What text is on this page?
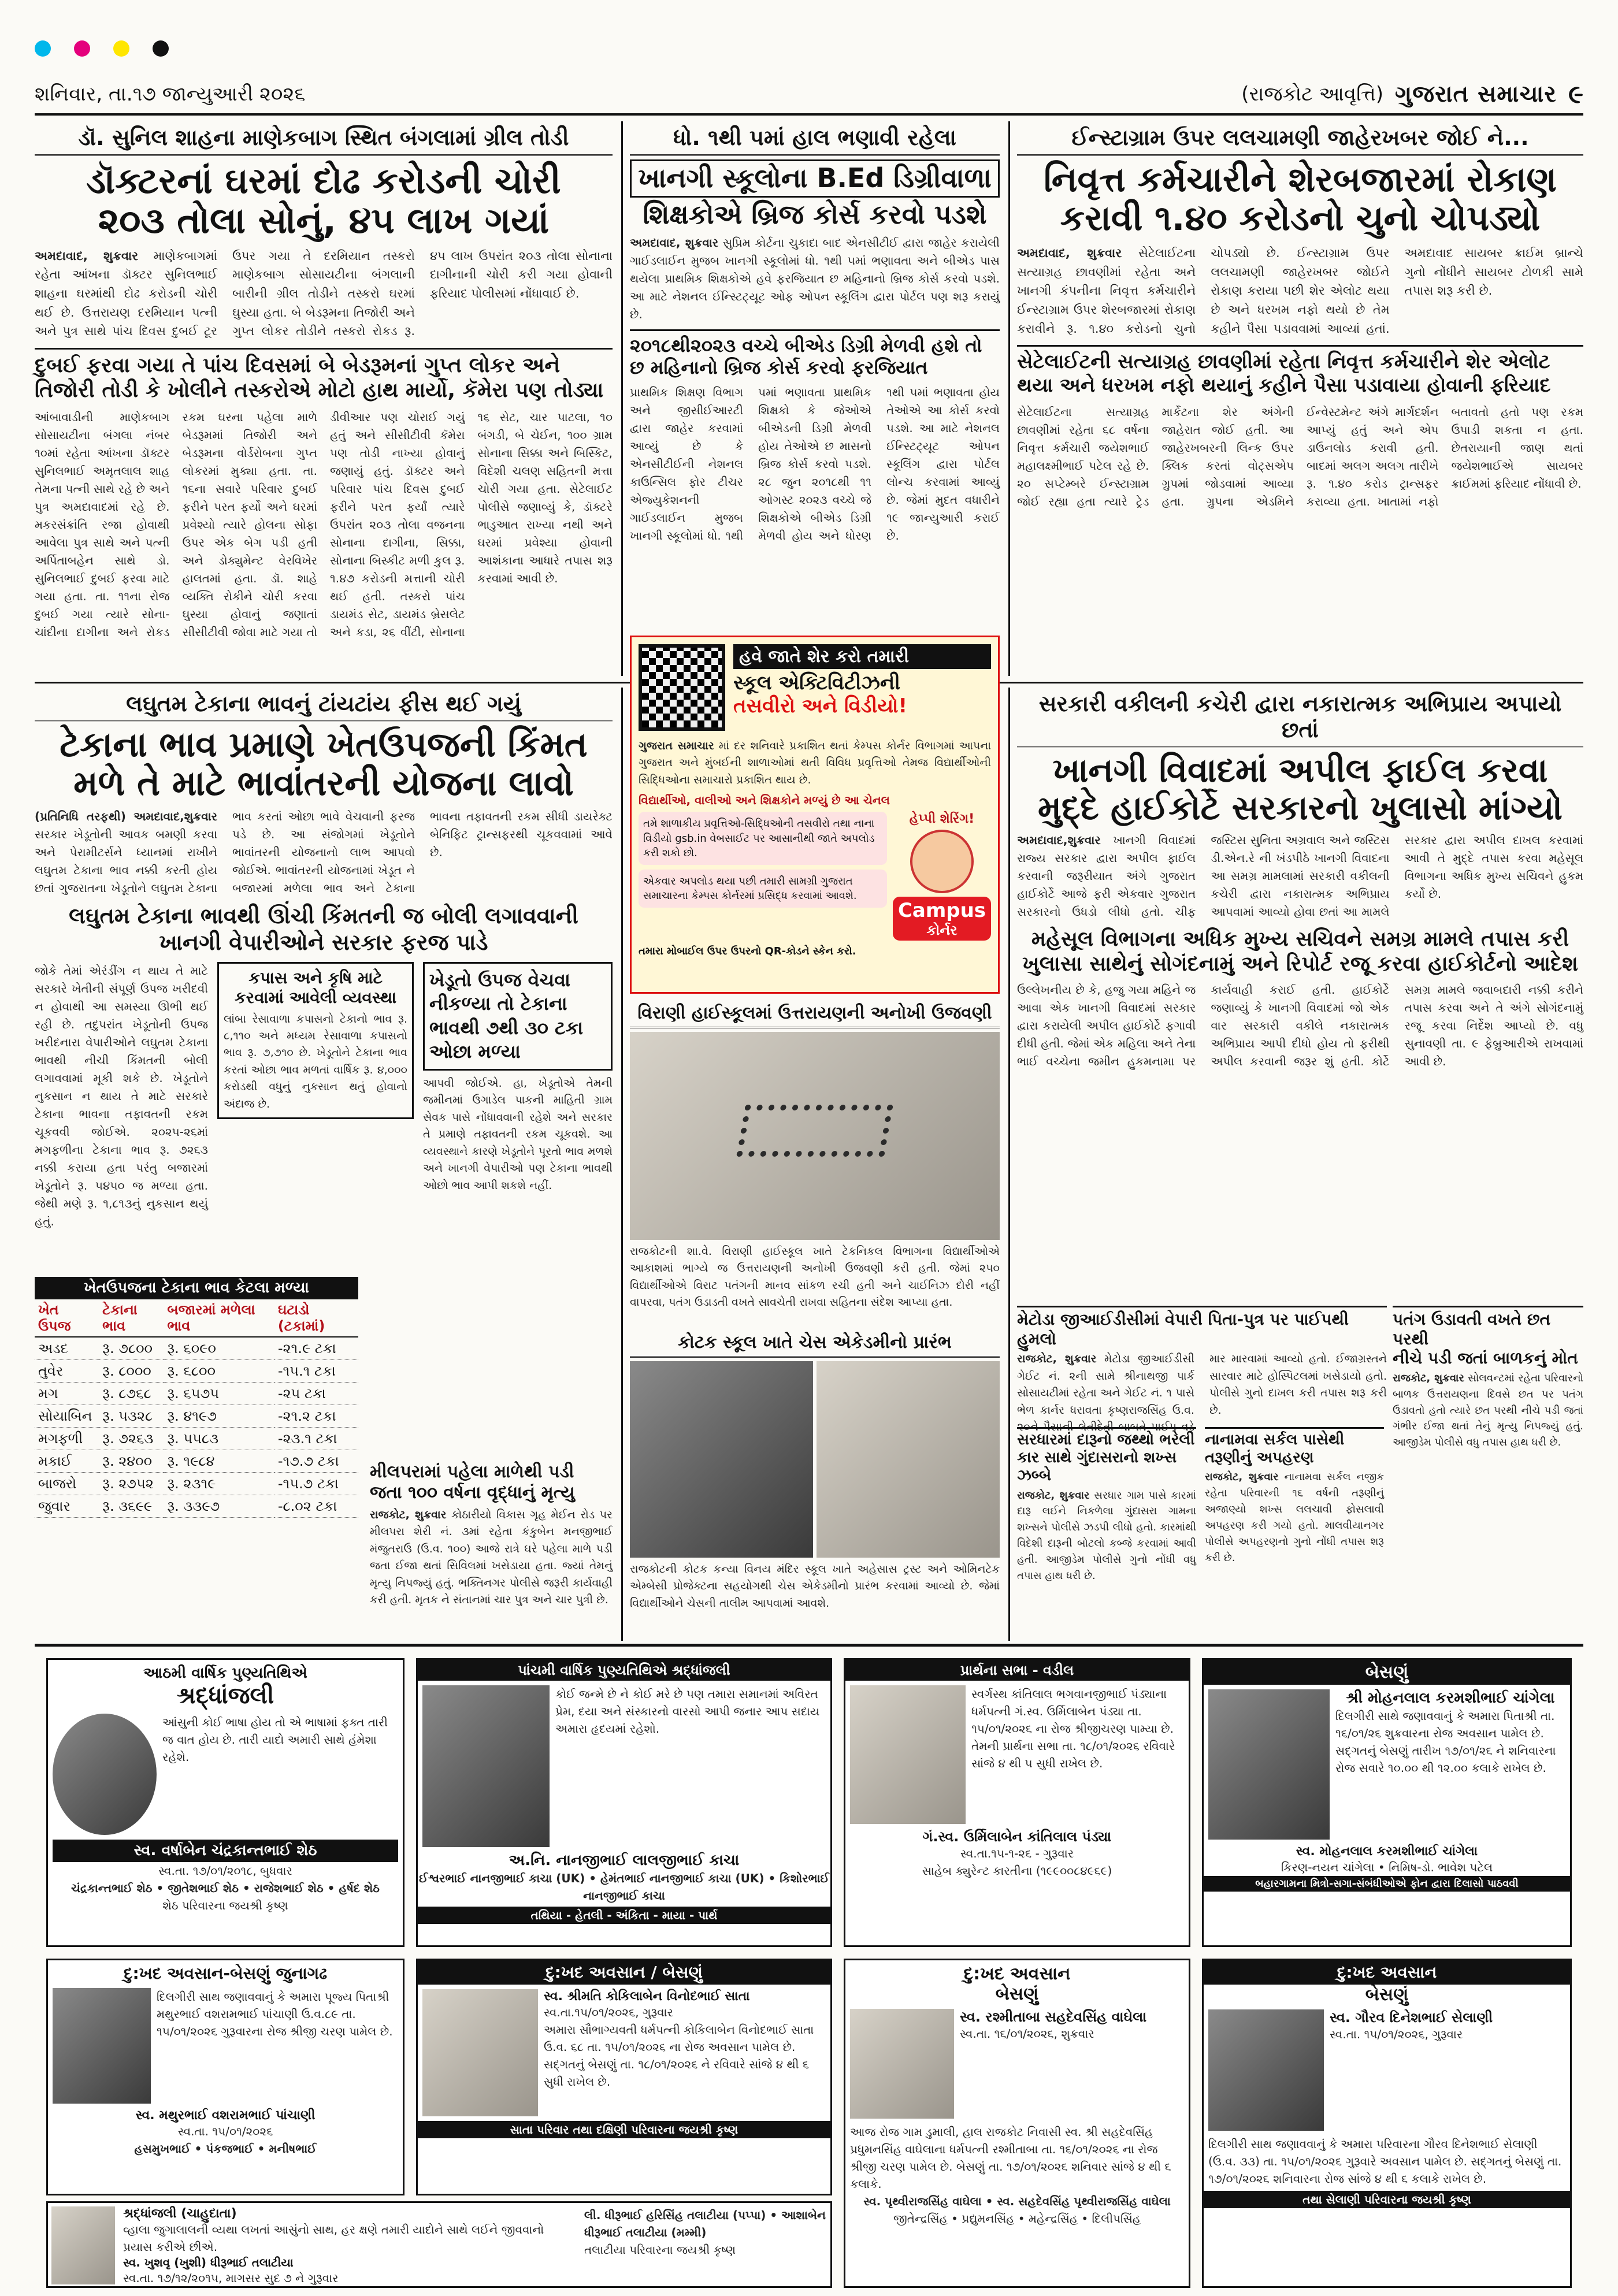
શનિવાર, તા.૧૭ જાન્યુઆરી ૨૦૨૬	(રાજકોટ આવૃત્તિ) ગુજરાત સમાચાર ૯
ડૉ. સુનિલ શાહના માણેકબાગ સ્થિત બંગલામાં ગ્રીલ તોડી
ડૉક્ટરનાં ઘરમાં દોઢ કરોડની ચોરી
૨૦૩ તોલા સોનું, ૪૫ લાખ ગયાં
અમદાવાદ, શુક્રવાર માણેકબાગમાં રહેતા આંખના ડૉક્ટર સુનિલભાઈ શાહના ઘરમાંથી દોઢ કરોડની ચોરી થઈ છે. ઉત્તરાયણ દરમિયાન પત્ની અને પુત્ર સાથે પાંચ દિવસ દુબઈ ટૂર ઉપર ગયા તે દરમિયાન તસ્કરો માણેકબાગ સોસાયટીના બંગલાની બારીની ગ્રીલ તોડીને તસ્કરો ઘરમાં ઘુસ્યા હતા. બે બેડરૂમના તિજોરી અને ગુપ્ત લોકર તોડીને તસ્કરો રોકડ રૂ. ૪૫ લાખ ઉપરાંત ૨૦૩ તોલા સોનાના દાગીનાની ચોરી કરી ગયા હોવાની ફરિયાદ પોલીસમાં નોંધાવાઈ છે.
દુબઈ ફરવા ગયા તે પાંચ દિવસમાં બે બેડરૂમનાં ગુપ્ત લોકર અને તિજોરી તોડી કે ખોલીને તસ્કરોએ મોટો હાથ માર્યો, કૅમેરા પણ તોડ્યા
આંબાવાડીની માણેકબાગ સોસાયટીના બંગલા નંબર ૧૦માં રહેતા આંખના ડૉક્ટર સુનિલભાઈ અમૃતલાલ શાહ તેમના પત્ની સાથે રહે છે અને પુત્ર અમદાવાદમાં રહે છે. મકરસંક્રાંતિ રજા હોવાથી આવેલા પુત્ર સાથે અને પત્ની અર્પિતાબહેન સાથે ડો. સુનિલભાઈ દુબઈ ફરવા માટે ગયા હતા. તા. ૧૧ના રોજ દુબઈ ગયા ત્યારે સોના-ચાંદીના દાગીના અને રોકડ રકમ ઘરના પહેલા માળે બેડરૂમમાં તિજોરી અને બેડરૂમના વોર્ડરોબના ગુપ્ત લોકરમાં મુક્યા હતા. તા. ૧૬ના સવારે પરિવાર દુબઈ ફરીને પરત ફર્યો અને ઘરમાં પ્રવેશ્યો ત્યારે હોલના સોફા ઉપર એક બેગ પડી હતી અને ડોક્યુમેન્ટ વેરવિખેર હાલતમાં હતા. ડૉ. શાહે વ્યક્તિ રોકીને ચોરી કરવા ઘુસ્યા હોવાનું જણાતાં સીસીટીવી જોવા માટે ગયા તો ડીવીઆર પણ ચોરાઈ ગયું હતું અને સીસીટીવી કૅમેરા પણ તોડી નાખ્યા હોવાનું જણાયું હતું. ડૉક્ટર અને પરિવાર પાંચ દિવસ દુબઈ ફરીને પરત ફર્યાં ત્યારે ઉપરાંત ૨૦૩ તોલા વજનના સોનાના દાગીના, સિક્કા, સોનાના બિસ્કીટ મળી કુલ રૂ. ૧.૪૭ કરોડની મત્તાની ચોરી થઈ હતી. તસ્કરો પાંચ ડાયમંડ સેટ, ડાયમંડ બ્રેસલેટ અને કડા, ૨૬ વીંટી, સોનાના ૧૬ સેટ, ચાર પાટલા, ૧૦ બંગડી, બે ચેઈન, ૧૦૦ ગ્રામ સોનાના સિક્કા અને બિસ્કિટ, વિદેશી ચલણ સહિતની મત્તા ચોરી ગયા હતા. સેટેલાઈટ પોલીસે જણાવ્યું કે, ડૉક્ટરે ભાડુઆત રાખ્યા નથી અને ઘરમાં પ્રવેશ્યા હોવાની આશંકાના આધારે તપાસ શરૂ કરવામાં આવી છે.
ધો. ૧થી ૫માં હાલ ભણાવી રહેલા
ખાનગી સ્કૂલોના B.Ed ડિગ્રીવાળા
શિક્ષકોએ બ્રિજ કોર્સ કરવો પડશે
અમદાવાદ, શુક્રવાર સુપ્રિમ કોર્ટના ચુકાદા બાદ એનસીટીઈ દ્વારા જાહેર કરાયેલી ગાઈડલાઈન મુજબ ખાનગી સ્કૂલોમાં ધો. ૧થી ૫માં ભણાવતા અને બીએડ પાસ થયેલા પ્રાથમિક શિક્ષકોએ હવે ફરજિયાત છ મહિનાનો બ્રિજ કોર્સ કરવો પડશે. આ માટે નેશનલ ઈન્સ્ટિટ્યૂટ ઓફ ઓપન સ્કૂલિંગ દ્વારા પોર્ટલ પણ શરૂ કરાયું છે.
૨૦૧૮થી૨૦૨૩ વચ્ચે બીએડ ડિગ્રી મેળવી હશે તો છ મહિનાનો બ્રિજ કોર્સ કરવો ફરજિયાત
પ્રાથમિક શિક્ષણ વિભાગ અને જીસીઈઆરટી દ્વારા જાહેર કરવામાં આવ્યું છે કે એનસીટીઈની નેશનલ કાઉન્સિલ ફોર ટીચર એજ્યુકેશનની ગાઈડલાઈન મુજબ ખાનગી સ્કૂલોમાં ધો. ૧થી ૫માં ભણાવતા પ્રાથમિક શિક્ષકો કે જેઓએ બીએડની ડિગ્રી મેળવી હોય તેઓએ છ માસનો બ્રિજ કોર્સ કરવો પડશે. ૨૮ જુન ૨૦૧૮થી ૧૧ ઓગસ્ટ ૨૦૨૩ વચ્ચે જે શિક્ષકોએ બીએડ ડિગ્રી મેળવી હોય અને ધોરણ ૧થી ૫માં ભણાવતા હોય તેઓએ આ કોર્સ કરવો પડશે. આ માટે નેશનલ ઈન્સ્ટિટ્યૂટ ઓપન સ્કૂલિંગ દ્વારા પોર્ટલ લોન્ચ કરવામાં આવ્યું છે. જેમાં મુદત વધારીને ૧૯ જાન્યુઆરી કરાઈ છે.
ઈન્સ્ટાગ્રામ ઉપર લલચામણી જાહેરખબર જોઈ ને...
નિવૃત્ત કર્મચારીને શેરબજારમાં રોકાણ
કરાવી ૧.૪૦ કરોડનો ચુનો ચોપડ્યો
અમદાવાદ, શુક્રવાર સેટેલાઈટના સત્યાગ્રહ છાવણીમાં રહેતા અને ખાનગી કંપનીના નિવૃત્ત કર્મચારીને ઈન્સ્ટાગ્રામ ઉપર શેરબજારમાં રોકાણ કરાવીને રૂ. ૧.૪૦ કરોડનો ચુનો ચોપડ્યો છે. ઈન્સ્ટાગ્રામ ઉપર લલચામણી જાહેરખબર જોઈને રોકાણ કરાયા પછી શેર એલોટ થયા છે અને ધરખમ નફો થયો છે તેમ કહીને પૈસા પડાવવામાં આવ્યાં હતાં. અમદાવાદ સાયબર ક્રાઈમ બ્રાન્ચે ગુનો નોંધીને સાયબર ટોળકી સામે તપાસ શરૂ કરી છે.
સેટેલાઈટની સત્યાગ્રહ છાવણીમાં રહેતા નિવૃત્ત કર્મચારીને શેર એલોટ થયા અને ધરખમ નફો થયાનું કહીને પૈસા પડાવાયા હોવાની ફરિયાદ
સેટેલાઈટના સત્યાગ્રહ છાવણીમાં રહેતા ૬૮ વર્ષના નિવૃત્ત કર્મચારી જયેશભાઈ મહાલક્ષ્મીભાઈ પટેલ રહે છે. ૨૦ સપ્ટેમ્બરે ઈન્સ્ટાગ્રામ જોઈ રહ્યા હતા ત્યારે ટ્રેડ માર્કેટના શેર અંગેની જાહેરાત જોઈ હતી. આ જાહેરખબરની લિન્ક ઉપર ક્લિક કરતાં વોટ્સએપ ગ્રુપમાં જોડવામાં આવ્યા હતા. ગ્રુપના એડમિને ઈન્વેસ્ટમેન્ટ અંગે માર્ગદર્શન આપ્યું હતું અને એપ ડાઉનલોડ કરાવી હતી. બાદમાં અલગ અલગ તારીખે રૂ. ૧.૪૦ કરોડ ટ્રાન્સફર કરાવ્યા હતા. ખાતામાં નફો બતાવતો હતો પણ રકમ ઉપાડી શકતા ન હતા. છેતરાયાની જાણ થતાં જયેશભાઈએ સાયબર ક્રાઈમમાં ફરિયાદ નોંધાવી છે.
હવે જાતે શેર કરો તમારી
સ્કૂલ એક્ટિવિટીઝની
તસવીરો અને વિડીયો!
ગુજરાત સમાચાર માં દર શનિવારે પ્રકાશિત થતાં કેમ્પસ કોર્નર વિભાગમાં આપના ગુજરાત અને મુંબઈની શાળાઓમાં થતી વિવિધ પ્રવૃત્તિઓ તેમજ વિદ્યાર્થીઓની સિદ્ધિઓના સમાચારો પ્રકાશિત થાય છે.
વિદ્યાર્થીઓ, વાલીઓ અને શિક્ષકોને મળ્યું છે આ ચેનલ
તમે શાળાકીય પ્રવૃત્તિઓ-સિદ્ધિઓની તસવીરો તથા નાના વિડીયો gsb.in વેબસાઈટ પર આસાનીથી જાતે અપલોડ કરી શકો છો.
એકવાર અપલોડ થયા પછી તમારી સામગ્રી ગુજરાત સમાચારના કેમ્પસ કોર્નરમાં પ્રસિદ્ધ કરવામાં આવશે.
હેપ્પી શેરિંગ!
Campus
કોર્નર
તમારા મોબાઈલ ઉપર ઉપરનો QR-કોડને સ્કેન કરો.
લઘુતમ ટેકાના ભાવનું ટાંયટાંય ફીસ થઈ ગયું
ટેકાના ભાવ પ્રમાણે ખેતઉપજની કિંમત
મળે તે માટે ભાવાંતરની યોજના લાવો
(પ્રતિનિધિ તરફથી) અમદાવાદ,શુક્રવાર સરકાર ખેડૂતોની આવક બમણી કરવા અને પેરામીટર્સને ધ્યાનમાં રાખીને લઘુતમ ટેકાના ભાવ નક્કી કરતી હોય છતાં ગુજરાતના ખેડૂતોને લઘુતમ ટેકાના ભાવ કરતાં ઓછા ભાવે વેચવાની ફરજ પડે છે. આ સંજોગમાં ખેડૂતોને ભાવાંતરની યોજનાનો લાભ આપવો જોઈએ. ભાવાંતરની યોજનામાં ખેડૂત ને બજારમાં મળેલા ભાવ અને ટેકાના ભાવના તફાવતની રકમ સીધી ડાયરેક્ટ બેનિફિટ ટ્રાન્સફરથી ચૂકવવામાં આવે છે.
લઘુતમ ટેકાના ભાવથી ઊંચી કિંમતની જ બોલી લગાવવાની ખાનગી વેપારીઓને સરકાર ફરજ પાડે
જોકે તેમાં એરંડીંગ ન થાય તે માટે સરકારે ખેતીની સંપૂર્ણ ઉપજ ખરીદવી ન હોવાથી આ સમસ્યા ઊભી થઈ રહી છે. તદુપરાંત ખેડૂતોની ઉપજ ખરીદનારા વેપારીઓને લઘુતમ ટેકાના ભાવથી નીચી કિંમતની બોલી લગાવવામાં મૂકી શકે છે. ખેડૂતોને નુકસાન ન થાય તે માટે સરકારે ટેકાના ભાવના તફાવતની રકમ ચૂકવવી જોઈએ. ૨૦૨૫-૨૬માં મગફળીના ટેકાના ભાવ રૂ. ૭૨૬૩ નક્કી કરાયા હતા પરંતુ બજારમાં ખેડૂતોને રૂ. ૫૪૫૦ જ મળ્યા હતા. જેથી મણે રૂ. ૧,૮૧૩નું નુકસાન થયું હતું.
કપાસ અને કૃષિ માટે કરવામાં આવેલી વ્યવસ્થા
લાંબા રેસાવાળા કપાસનો ટેકાનો ભાવ રૂ. ૮,૧૧૦ અને મધ્યમ રેસાવાળા કપાસનો ભાવ રૂ. ૭,૭૧૦ છે. ખેડૂતોને ટેકાના ભાવ કરતાં ઓછા ભાવ મળતાં વાર્ષિક રૂ. ૪,૦૦૦ કરોડથી વધુનું નુકસાન થતું હોવાનો અંદાજ છે.
ખેડૂતો ઉપજ વેચવા નીકળ્યા તો ટેકાના ભાવથી ૭થી ૩૦ ટકા ઓછા મળ્યા
આપવી જોઈએ. હા, ખેડૂતોએ તેમની જમીનમાં ઉગાડેલ પાકની માહિતી ગ્રામ સેવક પાસે નોંધાવવાની રહેશે અને સરકાર તે પ્રમાણે તફાવતની રકમ ચૂકવશે. આ વ્યવસ્થાને કારણે ખેડૂતોને પૂરતો ભાવ મળશે અને ખાનગી વેપારીઓ પણ ટેકાના ભાવથી ઓછો ભાવ આપી શકશે નહીં.
ખેતઉપજના ટેકાના ભાવ કેટલા મળ્યા
ખેત ઉપજ	ટેકાના ભાવ	બજારમાં મળેલા ભાવ	ઘટાડો (ટકામાં)
અડદ	રૂ. ૭૮૦૦	રૂ. ૬૦૯૦	-૨૧.૯ ટકા
તુવેર	રૂ. ૮૦૦૦	રૂ. ૬૮૦૦	-૧૫.૧ ટકા
મગ	રૂ. ૮૭૬૮	રૂ. ૬૫૭૫	-૨૫ ટકા
સોયાબિન	રૂ. ૫૩૨૮	રૂ. ૪૧૯૭	-૨૧.૨ ટકા
મગફળી	રૂ. ૭૨૬૩	રૂ. ૫૫૮૩	-૨૩.૧ ટકા
મકાઈ	રૂ. ૨૪૦૦	રૂ. ૧૯૮૪	-૧૭.૭ ટકા
બાજરો	રૂ. ૨૭૫૨	રૂ. ૨૩૧૯	-૧૫.૭ ટકા
જુવાર	રૂ. ૩૬૯૯	રૂ. ૩૩૯૭	-૮.૦૨ ટકા
મીલપરામાં પહેલા માળેથી પડી
જતા ૧૦૦ વર્ષના વૃદ્ધાનું મૃત્યુ
રાજકોટ, શુક્રવાર કોઠારીયો વિકાસ ગૃહ મેઈન રોડ પર મીલપરા શેરી નં. ૩માં રહેતા કંકુબેન મનજીભાઈ મંજુતરાઉ (ઉ.વ. ૧૦૦) આજે રાત્રે ઘરે પહેલા માળે પડી જતા ઈજા થતાં સિવિલમાં ખસેડાયા હતા. જ્યાં તેમનું મૃત્યુ નિપજ્યું હતું. ભક્તિનગર પોલીસે જરૂરી કાર્યવાહી કરી હતી. મૃતક ને સંતાનમાં ચાર પુત્ર અને ચાર પુત્રી છે.
વિરાણી હાઈસ્કૂલમાં ઉત્તરાયણની અનોખી ઉજવણી
રાજકોટની શા.વે. વિરાણી હાઈસ્કૂલ ખાતે ટેકનિકલ વિભાગના વિદ્યાર્થીઓએ આકાશમાં ભાગ્યે જ ઉત્તરાયણની અનોખી ઉજવણી કરી હતી. જેમાં ૨૫૦ વિદ્યાર્થીઓએ વિરાટ પતંગની માનવ સાંકળ રચી હતી અને ચાઈનિઝ દોરી નહીં વાપરવા, પતંગ ઉડાડતી વખતે સાવચેતી રાખવા સહિતના સંદેશ આપ્યા હતા.
કોટક સ્કૂલ ખાતે ચેસ એકેડમીનો પ્રારંભ
રાજકોટની કોટક કન્યા વિનય મંદિર સ્કૂલ ખાતે અહેસાસ ટ્રસ્ટ અને ઓમિનટેક એમ્બેસી પ્રોજેક્ટના સહયોગથી ચેસ એકેડમીનો પ્રારંભ કરવામાં આવ્યો છે. જેમાં વિદ્યાર્થીઓને ચેસની તાલીમ આપવામાં આવશે.
સરકારી વકીલની કચેરી દ્વારા નકારાત્મક અભિપ્રાય અપાયો છતાં
ખાનગી વિવાદમાં અપીલ ફાઈલ કરવા
મુદ્દે હાઈકોર્ટે સરકારનો ખુલાસો માંગ્યો
અમદાવાદ,શુક્રવાર ખાનગી વિવાદમાં રાજ્ય સરકાર દ્વારા અપીલ ફાઈલ કરવાની જરૂરીયાત અંગે ગુજરાત હાઈકોર્ટે આજે ફરી એકવાર ગુજરાત સરકારનો ઉધડો લીધો હતો. ચીફ જસ્ટિસ સુનિતા અગ્રવાલ અને જસ્ટિસ ડી.એન.રે ની ખંડપીઠે ખાનગી વિવાદના આ સમગ્ર મામલામાં સરકારી વકીલની કચેરી દ્વારા નકારાત્મક અભિપ્રાય આપવામાં આવ્યો હોવા છતાં આ મામલે સરકાર દ્વારા અપીલ દાખલ કરવામાં આવી તે મુદ્દે તપાસ કરવા મહેસૂલ વિભાગના અધિક મુખ્ય સચિવને હુકમ કર્યો છે.
મહેસૂલ વિભાગના અધિક મુખ્ય સચિવને સમગ્ર મામલે તપાસ કરી ખુલાસા સાથેનું સોગંદનામું અને રિપોર્ટ રજૂ કરવા હાઈકોર્ટનો આદેશ
ઉલ્લેખનીય છે કે, હજુ ગયા મહિને જ આવા એક ખાનગી વિવાદમાં સરકાર દ્વારા કરાયેલી અપીલ હાઈકોર્ટે ફગાવી દીધી હતી. જેમાં એક મહિલા અને તેના ભાઈ વચ્ચેના જમીન હુકમનામા પર કાર્યવાહી કરાઈ હતી. હાઈકોર્ટે જણાવ્યું કે ખાનગી વિવાદમાં જો એક વાર સરકારી વકીલે નકારાત્મક અભિપ્રાય આપી દીધો હોય તો ફરીથી અપીલ કરવાની જરૂર શું હતી. કોર્ટે સમગ્ર મામલે જવાબદારી નક્કી કરીને તપાસ કરવા અને તે અંગે સોગંદનામું રજૂ કરવા નિર્દેશ આપ્યો છે. વધુ સુનાવણી તા. ૯ ફેબ્રુઆરીએ રાખવામાં આવી છે.
મેટોડા જીઆઈડીસીમાં વેપારી પિતા-પુત્ર પર પાઈપથી હુમલો
રાજકોટ, શુક્રવાર મેટોડા જીઆઈડીસી ગેઈટ નં. ૨ની સામે શ્રીનાથજી પાર્ક સોસાયટીમાં રહેતા અને ગેઈટ નં. ૧ પાસે ભેળ કાર્નર ધરાવતા કૃષ્ણરાજસિંહ ઉ.વ. ૨૦ને પૈસાની લેતીદેતી બાબતે પાઈપ વડે માર મારવામાં આવ્યો હતો. ઈજાગ્રસ્તને સારવાર માટે હોસ્પિટલમાં ખસેડાયો હતો. પોલીસે ગુનો દાખલ કરી તપાસ શરૂ કરી છે.
સરધારમાં દારૂનો જથ્થો ભરેલી
કાર સાથે ગુંદાસરાનો શખ્સ ઝબ્બે
રાજકોટ, શુક્રવાર સરધાર ગામ પાસે કારમાં દારૂ લઈને નિકળેલા ગુંદાસરા ગામના શખ્સને પોલીસે ઝડપી લીધો હતો. કારમાંથી વિદેશી દારૂની બોટલો કબ્જે કરવામાં આવી હતી. આજીડેમ પોલીસે ગુનો નોંધી વધુ તપાસ હાથ ધરી છે.
નાનામવા સર્કલ પાસેથી
તરૂણીનું અપહરણ
રાજકોટ, શુક્રવાર નાનામવા સર્કલ નજીક રહેતા પરિવારની ૧૬ વર્ષની તરૂણીનું અજાણ્યો શખ્સ લલચાવી ફોસલાવી અપહરણ કરી ગયો હતો. માલવીયાનગર પોલીસે અપહરણનો ગુનો નોંધી તપાસ શરૂ કરી છે.
પતંગ ઉડાવતી વખતે છત પરથી
નીચે પડી જતાં બાળકનું મોત
રાજકોટ, શુક્રવાર સોલવન્ટમાં રહેતા પરિવારનો બાળક ઉત્તરાયણના દિવસે છત પર પતંગ ઉડાવતો હતો ત્યારે છત પરથી નીચે પડી જતાં ગંભીર ઈજા થતાં તેનું મૃત્યુ નિપજ્યું હતું. આજીડેમ પોલીસે વધુ તપાસ હાથ ધરી છે.
આઠમી વાર્ષિક પુણ્યતિથિએ
શ્રદ્ધાંજલી
આંસુની કોઈ ભાષા હોય તો એ ભાષામાં ફક્ત તારી જ વાત હોય છે. તારી યાદો અમારી સાથે હંમેશા રહેશે.
સ્વ. વર્ષાબેન ચંદ્રકાન્તભાઈ શેઠ
સ્વ.તા. ૧૭/૦૧/૨૦૧૮, બુધવાર
ચંદ્રકાન્તભાઈ શેઠ • જીતેશભાઈ શેઠ • રાજેશભાઈ શેઠ • હર્ષદ શેઠ
શેઠ પરિવારના જયશ્રી કૃષ્ણ
પાંચમી વાર્ષિક પુણ્યતિથિએ શ્રદ્ધાંજલી
કોઈ જન્મે છે ને કોઈ મરે છે પણ તમારા સમાનમાં અવિરત પ્રેમ, દયા અને સંસ્કારનો વારસો આપી જનાર આપ સદાય અમારા હૃદયમાં રહેશો.
અ.નિ. નાનજીભાઈ લાલજીભાઈ કાચા
ઈશ્વરભાઈ નાનજીભાઈ કાચા (UK) • હેમંતભાઈ નાનજીભાઈ કાચા (UK) • કિશોરભાઈ નાનજીભાઈ કાચા
તથિયા - હેતલી - અંકિતા - માયા - પાર્થ
પ્રાર્થના સભા - વડીલ
સ્વર્ગસ્થ કાંતિલાલ ભગવાનજીભાઈ પંડ્યાના ધર્મપત્ની ગં.સ્વ. ઉર્મિલાબેન પંડ્યા તા. ૧૫/૦૧/૨૦૨૬ ના રોજ શ્રીજીચરણ પામ્યા છે. તેમની પ્રાર્થના સભા તા. ૧૮/૦૧/૨૦૨૬ રવિવારે સાંજે ૪ થી ૫ સુધી રાખેલ છે.
ગં.સ્વ. ઉર્મિલાબેન કાંતિલાલ પંડ્યા
સ્વ.તા.૧૫-૧-૨૬ - ગુરૂવાર
સાહેબ ક્યુરેન્ટ કારતીના (૧૯૯૦૦૮૪૯૬૯)
બેસણું
શ્રી મોહનલાલ કરમશીભાઈ ચાંગેલા
દિલગીરી સાથે જણાવવાનું કે અમારા પિતાશ્રી તા. ૧૬/૦૧/૨૬ શુક્રવારના રોજ અવસાન પામેલ છે. સદ્ગતનું બેસણું તારીખ ૧૭/૦૧/૨૬ ને શનિવારના રોજ સવારે ૧૦.૦૦ થી ૧૨.૦૦ કલાકે રાખેલ છે.
સ્વ. મોહનલાલ કરમશીભાઈ ચાંગેલા
કિરણ-નયન ચાંગેલા • નિમિષ-ડો. ભાવેશ પટેલ
બહારગામના મિત્રો-સગા-સંબંધીઓએ ફોન દ્વારા દિલાસો પાઠવવી
દુ:ખદ અવસાન-બેસણું જુનાગઢ
દિલગીરી સાથ જણાવવાનું કે અમારા પૂજ્ય પિતાશ્રી મથુરભાઈ વશરામભાઈ પાંચાણી ઉ.વ.૮૯ તા. ૧૫/૦૧/૨૦૨૬ ગુરૂવારના રોજ શ્રીજી ચરણ પામેલ છે.
સ્વ. મથુરભાઈ વશરામભાઈ પાંચાણી
સ્વ.તા. ૧૫/૦૧/૨૦૨૬
હસમુખભાઈ • પંકજભાઈ • મનીષભાઈ
દુ:ખદ અવસાન / બેસણું
સ્વ. શ્રીમતિ કોકિલાબેન વિનોદભાઈ સાતા
સ્વ.તા.૧૫/૦૧/૨૦૨૬, ગુરૂવાર
અમારા સૌભાગ્યવતી ધર્મપત્ની કોકિલાબેન વિનોદભાઈ સાતા ઉ.વ. ૬૮ તા. ૧૫/૦૧/૨૦૨૬ ના રોજ અવસાન પામેલ છે. સદ્ગતનું બેસણું તા. ૧૮/૦૧/૨૦૨૬ ને રવિવારે સાંજે ૪ થી ૬ સુધી રાખેલ છે.
સાતા પરિવાર તથા દક્ષિણી પરિવારના જયશ્રી કૃષ્ણ
દુ:ખદ અવસાન
બેસણું
સ્વ. રશ્મીતાબા સહદેવસિંહ વાઘેલા
સ્વ.તા. ૧૬/૦૧/૨૦૨૬, શુક્રવાર
આજ રોજ ગામ ડુમાલી, હાલ રાજકોટ નિવાસી સ્વ. શ્રી સહદેવસિંહ પ્રધુમનસિંહ વાઘેલાના ધર્મપત્ની રશ્મીતાબા તા. ૧૬/૦૧/૨૦૨૬ ના રોજ શ્રીજી ચરણ પામેલ છે. બેસણું તા. ૧૭/૦૧/૨૦૨૬ શનિવાર સાંજે ૪ થી ૬ કલાકે.
સ્વ. પૃથ્વીરાજસિંહ વાઘેલા • સ્વ. સહદેવસિંહ પૃથ્વીરાજસિંહ વાઘેલા
જીતેન્દ્રસિંહ • પ્રદ્યુમનસિંહ • મહેન્દ્રસિંહ • દિલીપસિંહ
દુ:ખદ અવસાન
બેસણું
સ્વ. ગૌરવ દિનેશભાઈ સેલાણી
સ્વ.તા. ૧૫/૦૧/૨૦૨૬, ગુરૂવાર
દિલગીરી સાથ જણાવવાનું કે અમારા પરિવારના ગૌરવ દિનેશભાઈ સેલાણી (ઉ.વ. ૩૩) તા. ૧૫/૦૧/૨૦૨૬ ગુરૂવારે અવસાન પામેલ છે. સદ્ગતનું બેસણું તા. ૧૭/૦૧/૨૦૨૬ શનિવારના રોજ સાંજે ૪ થી ૬ કલાકે રાખેલ છે.
તથા સેલાણી પરિવારના જયશ્રી કૃષ્ણ
શ્રદ્ધાંજલી (ચાહુદાતા)
વ્હાલા જુગાલાલની વ્યથા લખતાં આસુંનો સાથ, હર ક્ષણે તમારી યાદોને સાથે લઈને જીવવાનો પ્રયાસ કરીએ છીએ.
સ્વ. ખુશવૃ (ખુશી) ધીરૂભાઈ તલાટીયા
સ્વ.તા. ૧૭/૧૨/૨૦૧૫, માગસર સુદ ૭ ને ગુરૂવાર
લી. ધીરૂભાઈ હરિસિંહ તલાટીયા (પપ્પા) • આશાબેન ધીરૂભાઈ તલાટીયા (મમ્મી)
તલાટીયા પરિવારના જયશ્રી કૃષ્ણ
